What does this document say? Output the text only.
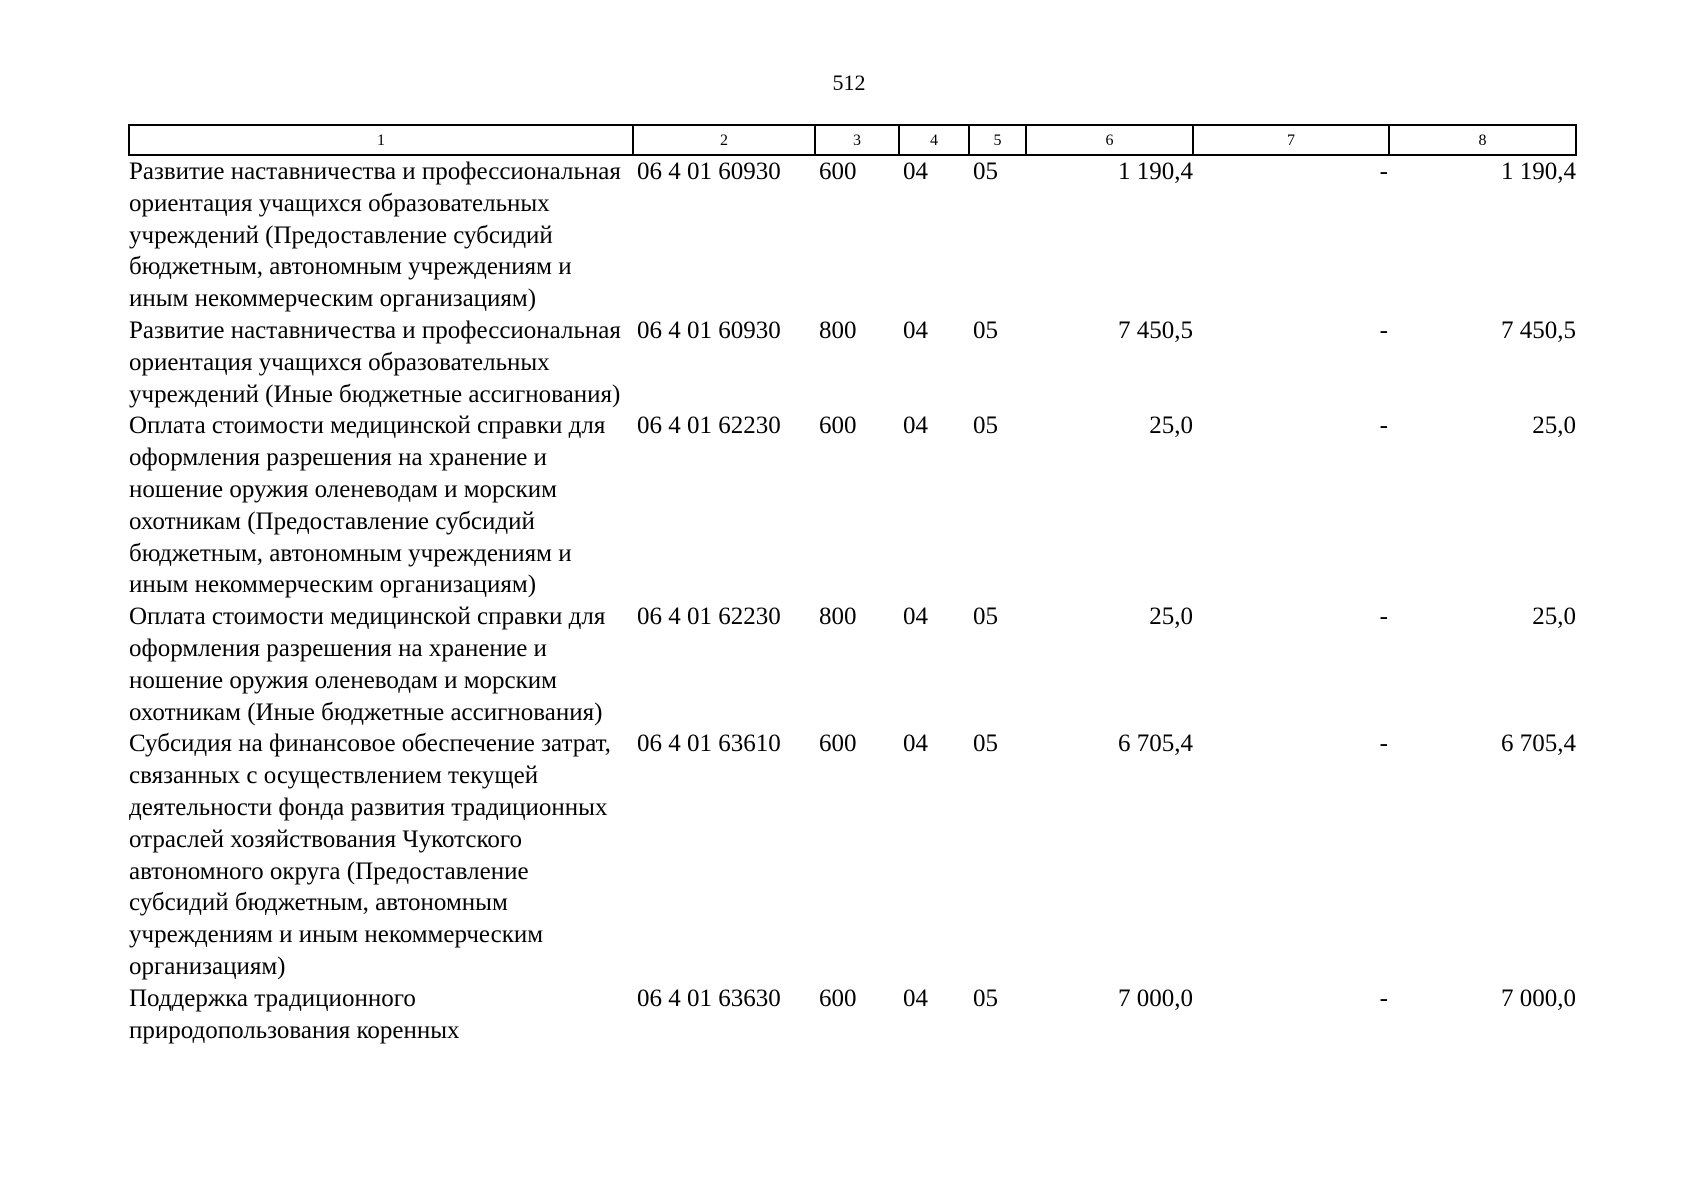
512
1	2	3	4	5	6	7	8
Развитие наставничества и профессиональная ориентация учащихся образовательных учреждений (Предоставление субсидий бюджетным, автономным учреждениям и иным некоммерческим организациям)	06 4 01 60930	600	04	05	1 190,4	-	1 190,4
Развитие наставничества и профессиональная ориентация учащихся образовательных учреждений (Иные бюджетные ассигнования)	06 4 01 60930	800	04	05	7 450,5	-	7 450,5
Оплата стоимости медицинской справки для оформления разрешения на хранение и ношение оружия оленеводам и морским охотникам (Предоставление субсидий бюджетным, автономным учреждениям и иным некоммерческим организациям)	06 4 01 62230	600	04	05	25,0	-	25,0
Оплата стоимости медицинской справки для оформления разрешения на хранение и ношение оружия оленеводам и морским охотникам (Иные бюджетные ассигнования)	06 4 01 62230	800	04	05	25,0	-	25,0
Субсидия на финансовое обеспечение затрат, связанных с осуществлением текущей деятельности фонда развития традиционных отраслей хозяйствования Чукотского автономного округа (Предоставление субсидий бюджетным, автономным учреждениям и иным некоммерческим организациям)	06 4 01 63610	600	04	05	6 705,4	-	6 705,4
Поддержка традиционного природопользования коренных	06 4 01 63630	600	04	05	7 000,0	-	7 000,0
